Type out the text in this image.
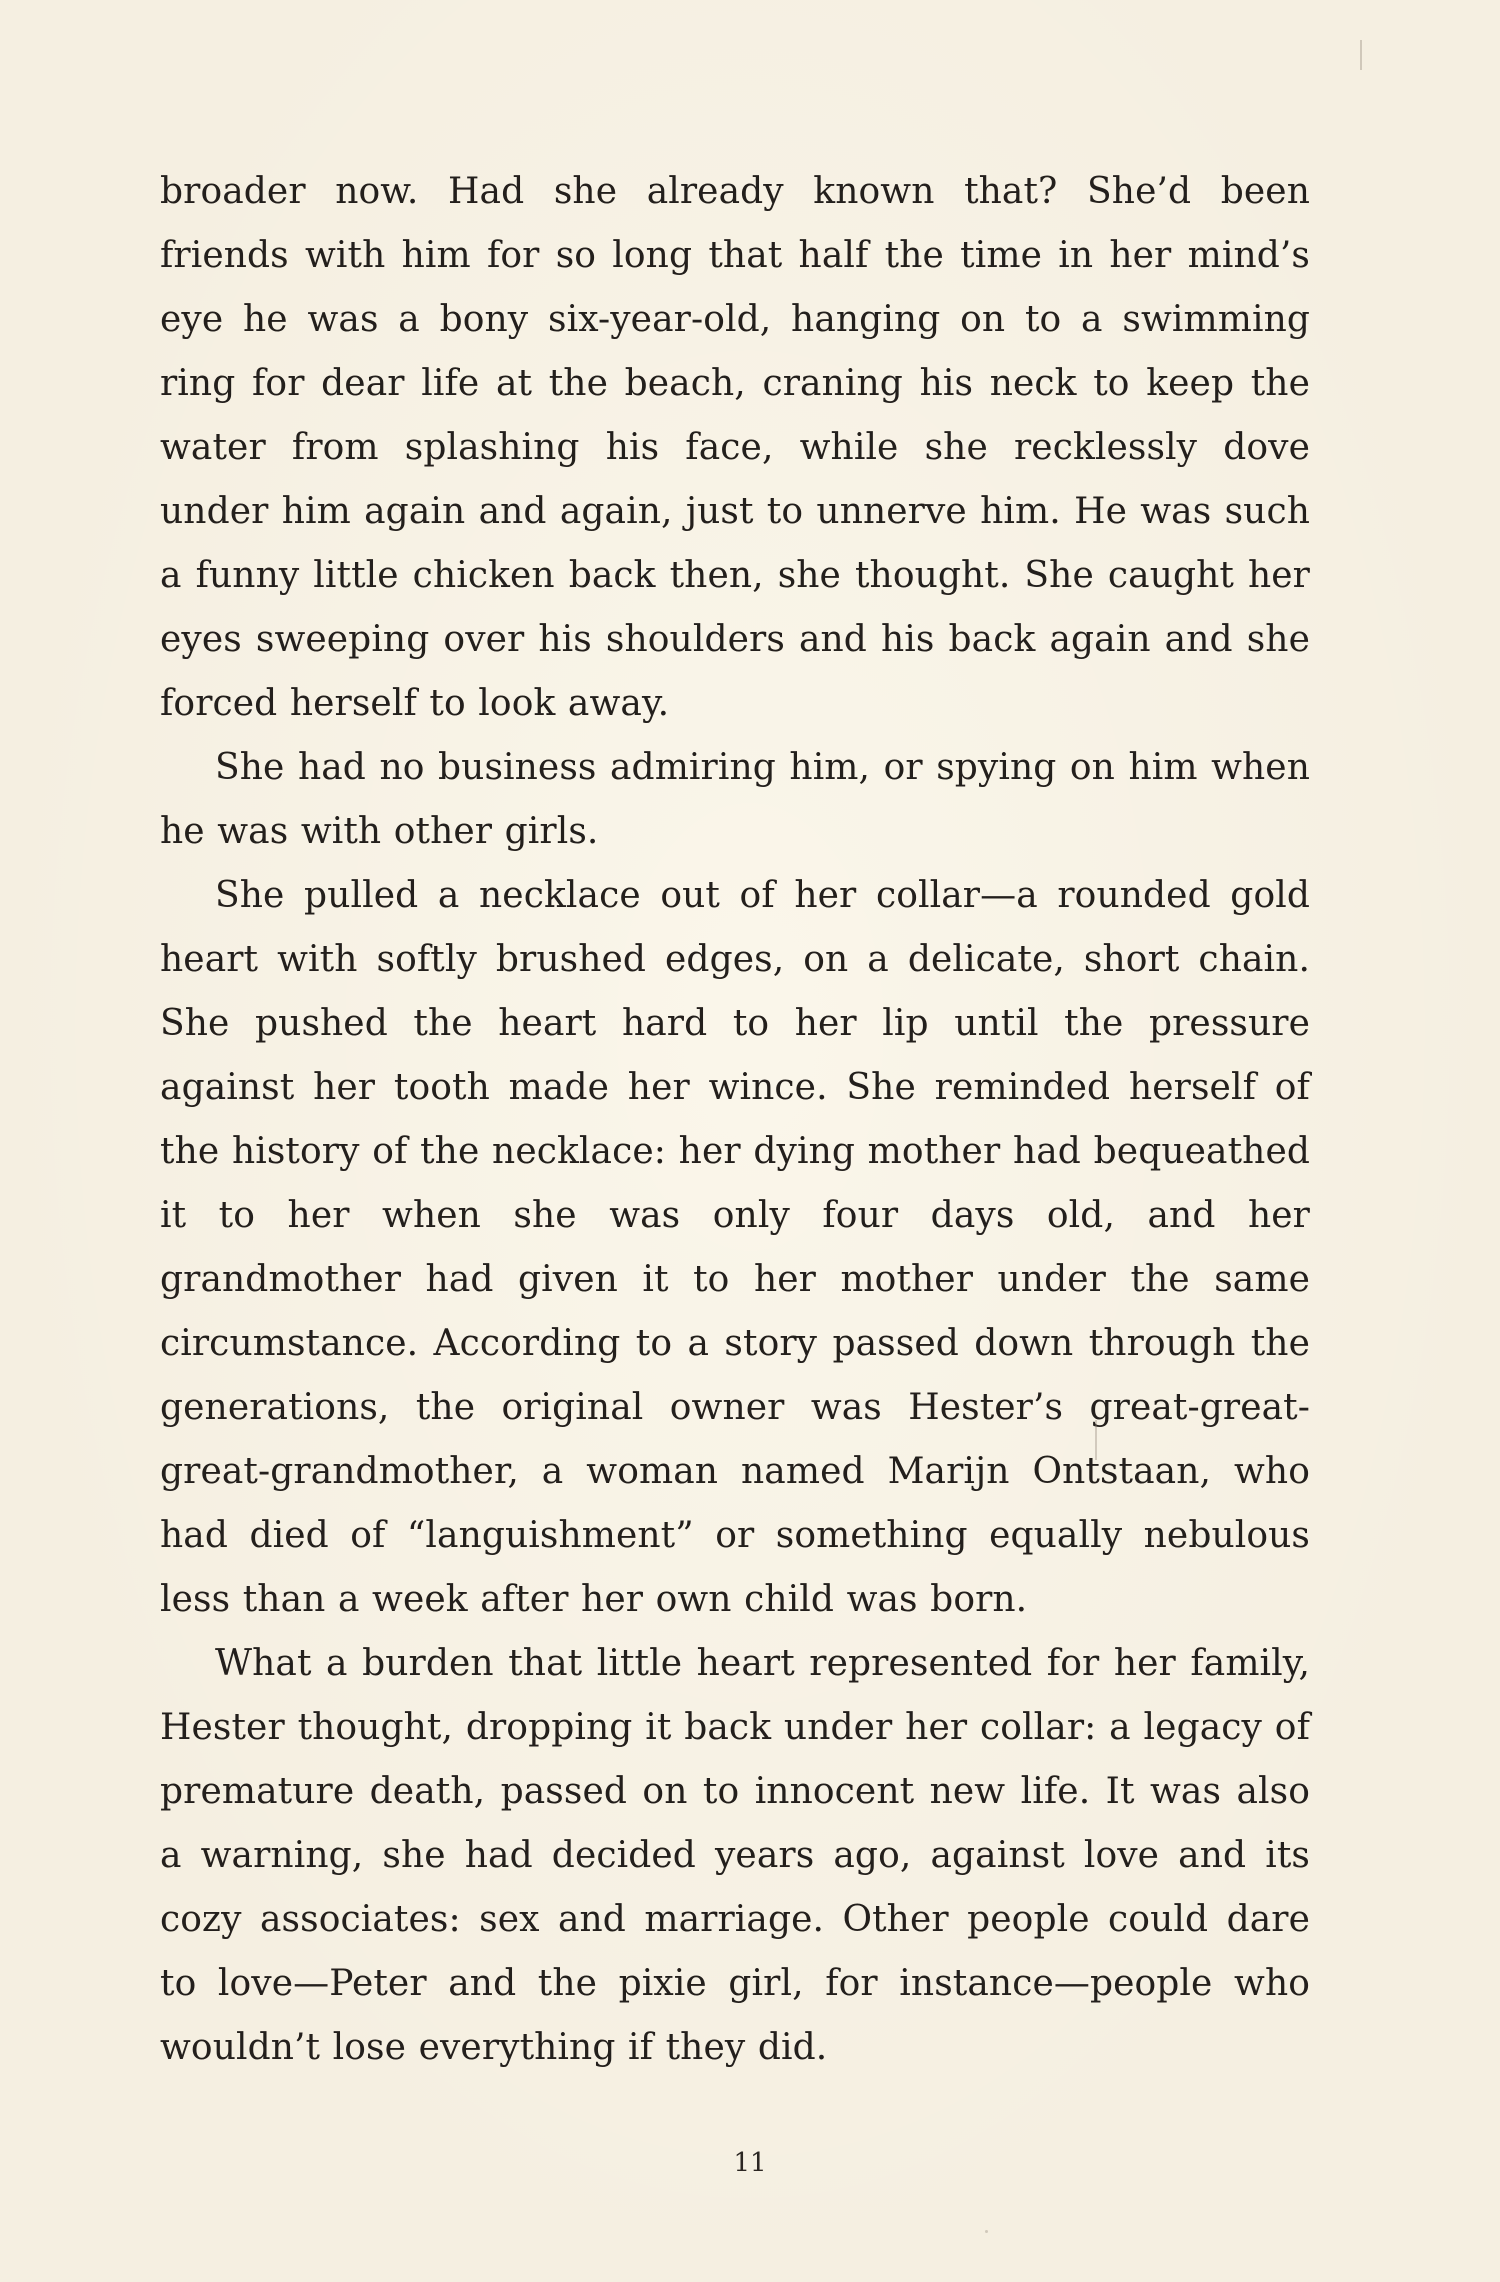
broader now. Had she already known that? She’d been friends with him for so long that half the time in her mind’s eye he was a bony six-year-old, hanging on to a swimming ring for dear life at the beach, craning his neck to keep the water from splashing his face, while she recklessly dove under him again and again, just to unnerve him. He was such a funny little chicken back then, she thought. She caught her eyes sweeping over his shoulders and his back again and she forced herself to look away.

She had no business admiring him, or spying on him when he was with other girls.

She pulled a necklace out of her collar—a rounded gold heart with softly brushed edges, on a delicate, short chain. She pushed the heart hard to her lip until the pressure against her tooth made her wince. She reminded herself of the history of the necklace: her dying mother had bequeathed it to her when she was only four days old, and her grandmother had given it to her mother under the same circumstance. According to a story passed down through the generations, the original owner was Hester’s great-great-great-grandmother, a woman named Marijn Ontstaan, who had died of “languishment” or something equally nebulous less than a week after her own child was born.

What a burden that little heart represented for her family, Hester thought, dropping it back under her collar: a legacy of premature death, passed on to innocent new life. It was also a warning, she had decided years ago, against love and its cozy associates: sex and marriage. Other people could dare to love—Peter and the pixie girl, for instance—people who wouldn’t lose everything if they did.

11
